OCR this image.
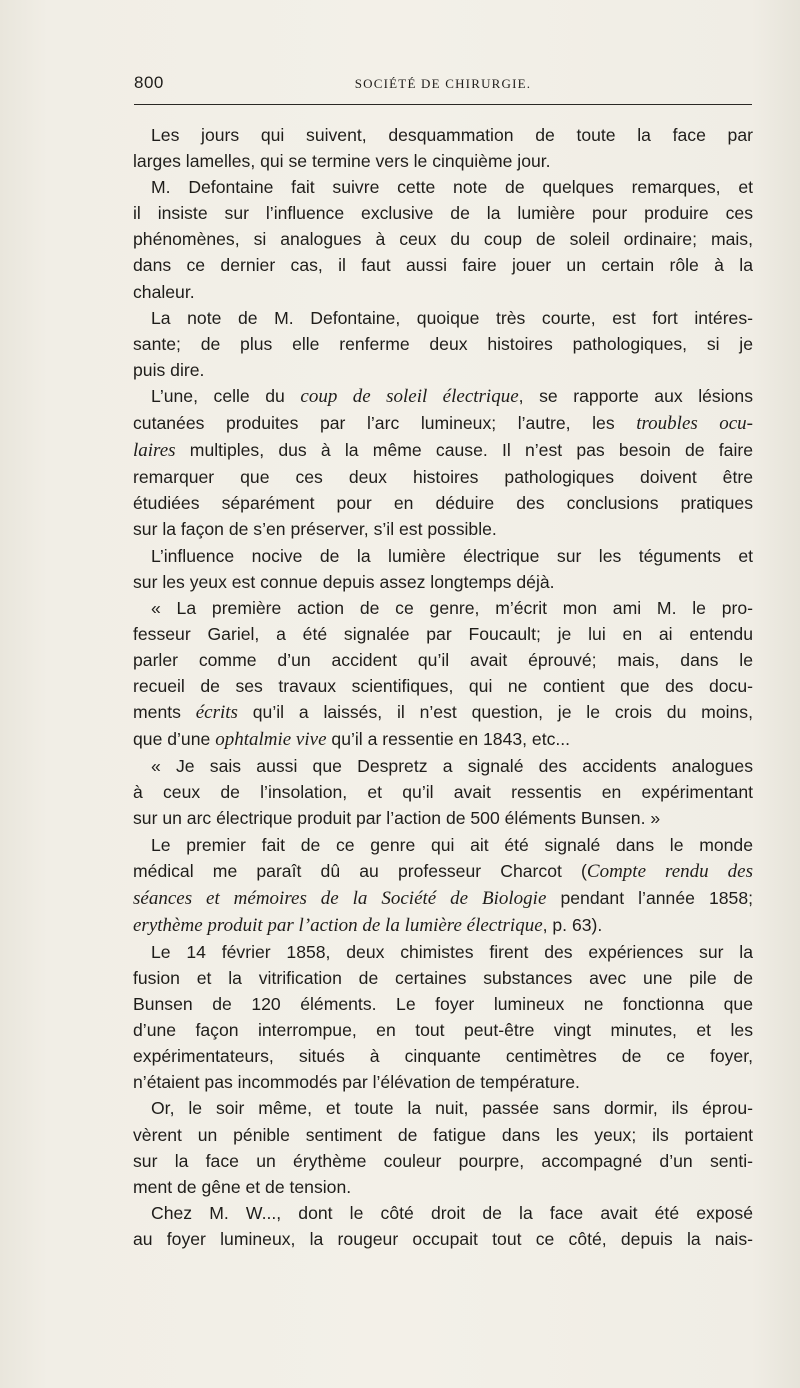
800	SOCIÉTÉ DE CHIRURGIE.
Les jours qui suivent, desquammation de toute la face par
larges lamelles, qui se termine vers le cinquième jour.
M. Defontaine fait suivre cette note de quelques remarques, et
il insiste sur l’influence exclusive de la lumière pour produire ces
phénomènes, si analogues à ceux du coup de soleil ordinaire; mais,
dans ce dernier cas, il faut aussi faire jouer un certain rôle à la
chaleur.
La note de M. Defontaine, quoique très courte, est fort intéres-
sante; de plus elle renferme deux histoires pathologiques, si je
puis dire.
L’une, celle du coup de soleil électrique, se rapporte aux lésions
cutanées produites par l’arc lumineux; l’autre, les troubles ocu-
laires multiples, dus à la même cause. Il n’est pas besoin de faire
remarquer que ces deux histoires pathologiques doivent être
étudiées séparément pour en déduire des conclusions pratiques
sur la façon de s’en préserver, s’il est possible.
L’influence nocive de la lumière électrique sur les téguments et
sur les yeux est connue depuis assez longtemps déjà.
« La première action de ce genre, m’écrit mon ami M. le pro-
fesseur Gariel, a été signalée par Foucault; je lui en ai entendu
parler comme d’un accident qu’il avait éprouvé; mais, dans le
recueil de ses travaux scientifiques, qui ne contient que des docu-
ments écrits qu’il a laissés, il n’est question, je le crois du moins,
que d’une ophtalmie vive qu’il a ressentie en 1843, etc...
« Je sais aussi que Despretz a signalé des accidents analogues
à ceux de l’insolation, et qu’il avait ressentis en expérimentant
sur un arc électrique produit par l’action de 500 éléments Bunsen. »
Le premier fait de ce genre qui ait été signalé dans le monde
médical me paraît dû au professeur Charcot (Compte rendu des
séances et mémoires de la Société de Biologie pendant l’année 1858;
erythème produit par l’action de la lumière électrique, p. 63).
Le 14 février 1858, deux chimistes firent des expériences sur la
fusion et la vitrification de certaines substances avec une pile de
Bunsen de 120 éléments. Le foyer lumineux ne fonctionna que
d’une façon interrompue, en tout peut-être vingt minutes, et les
expérimentateurs, situés à cinquante centimètres de ce foyer,
n’étaient pas incommodés par l’élévation de température.
Or, le soir même, et toute la nuit, passée sans dormir, ils éprou-
vèrent un pénible sentiment de fatigue dans les yeux; ils portaient
sur la face un érythème couleur pourpre, accompagné d’un senti-
ment de gêne et de tension.
Chez M. W..., dont le côté droit de la face avait été exposé
au foyer lumineux, la rougeur occupait tout ce côté, depuis la nais-
